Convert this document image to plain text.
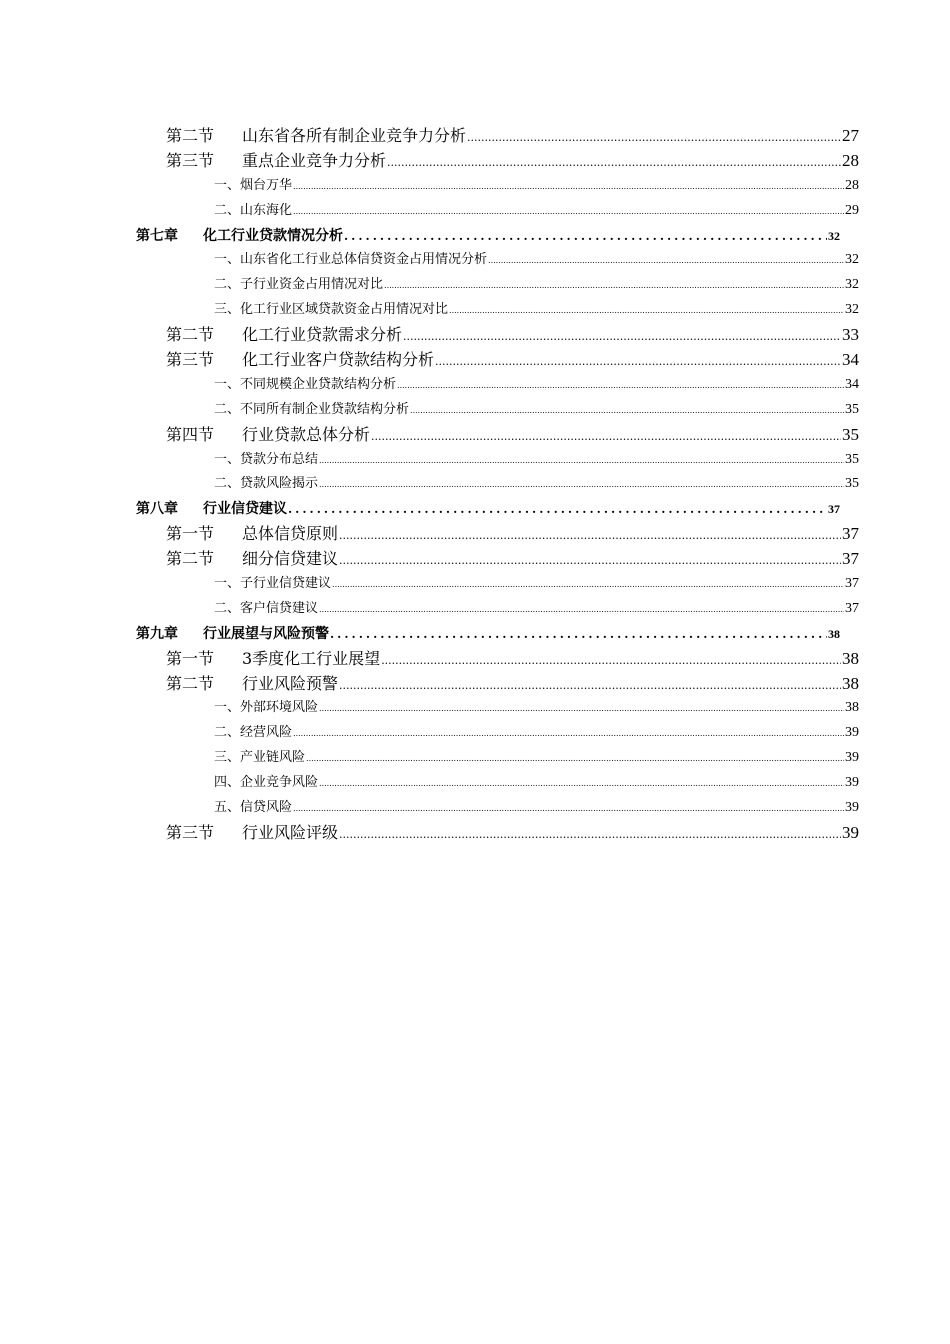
第二节 山东省各所有制企业竞争力分析 .....	27
第三节 重点企业竞争力分析 .....	28
一、烟台万华 .....	28
二、山东海化 .....	29
第七章 化工行业贷款情况分析 .....	32
一、山东省化工行业总体信贷资金占用情况分析 .....	32
二、子行业资金占用情况对比 .....	32
三、化工行业区域贷款资金占用情况对比 .....	32
第二节 化工行业贷款需求分析 .....	33
第三节 化工行业客户贷款结构分析 .....	34
一、不同规模企业贷款结构分析 .....	34
二、不同所有制企业贷款结构分析 .....	35
第四节 行业贷款总体分析 .....	35
一、贷款分布总结 .....	35
二、贷款风险揭示 .....	35
第八章 行业信贷建议 .....	37
第一节 总体信贷原则 .....	37
第二节 细分信贷建议 .....	37
一、子行业信贷建议 .....	37
二、客户信贷建议 .....	37
第九章 行业展望与风险预警 .....	38
第一节 3季度化工行业展望 .....	38
第二节 行业风险预警 .....	38
一、外部环境风险 .....	38
二、经营风险 .....	39
三、产业链风险 .....	39
四、企业竞争风险 .....	39
五、信贷风险 .....	39
第三节 行业风险评级 .....	39
